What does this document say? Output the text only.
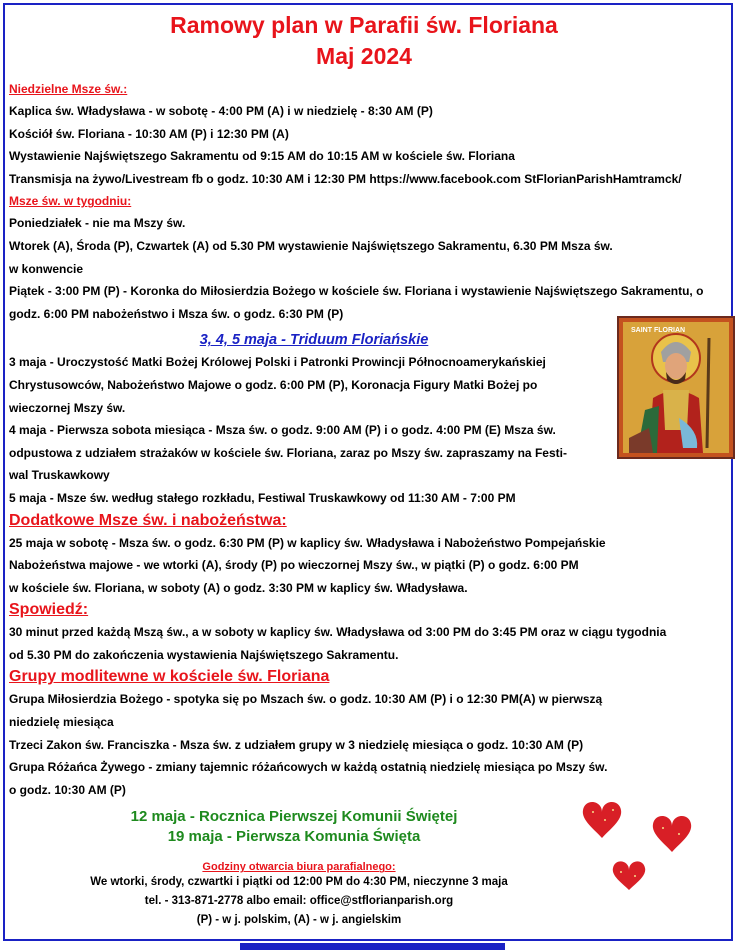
Ramowy plan w Parafii św. Floriana
Maj 2024
Niedzielne Msze św.:
Kaplica św. Władysława - w sobotę - 4:00 PM (A) i w niedzielę - 8:30 AM (P)
Kościół św. Floriana - 10:30 AM (P) i 12:30 PM (A)
Wystawienie Najświętszego Sakramentu od 9:15 AM do 10:15 AM w kościele św. Floriana
Transmisja na żywo/Livestream fb o godz. 10:30 AM i 12:30 PM https://www.facebook.com StFlorianParishHamtramck/
Msze św. w tygodniu:
Poniedziałek - nie ma Mszy św.
Wtorek (A), Środa (P), Czwartek (A) od 5.30 PM wystawienie Najświętszego Sakramentu, 6.30 PM Msza św.
w konwencie
Piątek - 3:00 PM (P) - Koronka do Miłosierdzia Bożego w kościele św. Floriana i wystawienie Najświętszego Sakramentu, o
godz. 6:00 PM nabożeństwo i Msza św. o godz. 6:30 PM (P)
3, 4, 5 maja - Triduum Floriańskie
3 maja - Uroczystość Matki Bożej Królowej Polski i Patronki Prowincji Północnoamerykańskiej
Chrystusowców, Nabożeństwo Majowe o godz. 6:00 PM (P), Koronacja Figury Matki Bożej po
wieczornej Mszy św.
4 maja - Pierwsza sobota miesiąca - Msza św. o godz. 9:00 AM (P) i o godz. 4:00 PM (E) Msza św.
odpustowa z udziałem strażaków w kościele św. Floriana, zaraz po Mszy św. zapraszamy na Festi-
wal Truskawkowy
5 maja - Msze św. według stałego rozkładu, Festiwal Truskawkowy od 11:30 AM - 7:00 PM
Dodatkowe Msze św. i nabożeństwa:
25 maja w sobotę - Msza św. o godz. 6:30 PM (P) w kaplicy św. Władysława i Nabożeństwo Pompejańskie
Nabożeństwa majowe - we wtorki (A), środy (P) po wieczornej Mszy św., w piątki (P) o godz. 6:00 PM
w kościele św. Floriana, w soboty (A) o godz. 3:30 PM w kaplicy św. Władysława.
Spowiedź:
30 minut przed każdą Mszą św., a w soboty w kaplicy św. Władysława od 3:00 PM do 3:45 PM oraz w ciągu tygodnia
od 5.30 PM do zakończenia wystawienia Najświętszego Sakramentu.
Grupy modlitewne w kościele św. Floriana
Grupa Miłosierdzia Bożego - spotyka się po Mszach św. o godz. 10:30 AM (P) i o 12:30 PM(A) w pierwszą
niedzielę miesiąca
Trzeci Zakon św. Franciszka - Msza św. z udziałem grupy w 3 niedzielę miesiąca o godz. 10:30 AM (P)
Grupa Różańca Żywego - zmiany tajemnic różańcowych w każdą ostatnią niedzielę miesiąca po Mszy św.
o godz. 10:30 AM (P)
12 maja - Rocznica Pierwszej Komunii Świętej
19 maja - Pierwsza Komunia Święta
Godziny otwarcia biura parafialnego:
We wtorki, środy, czwartki i piątki od 12:00 PM do 4:30 PM, nieczynne 3 maja
tel. - 313-871-2778 albo email: office@stflorianparish.org
(P) - w j. polskim, (A) - w j. angielskim
SAINT FLORIAN
